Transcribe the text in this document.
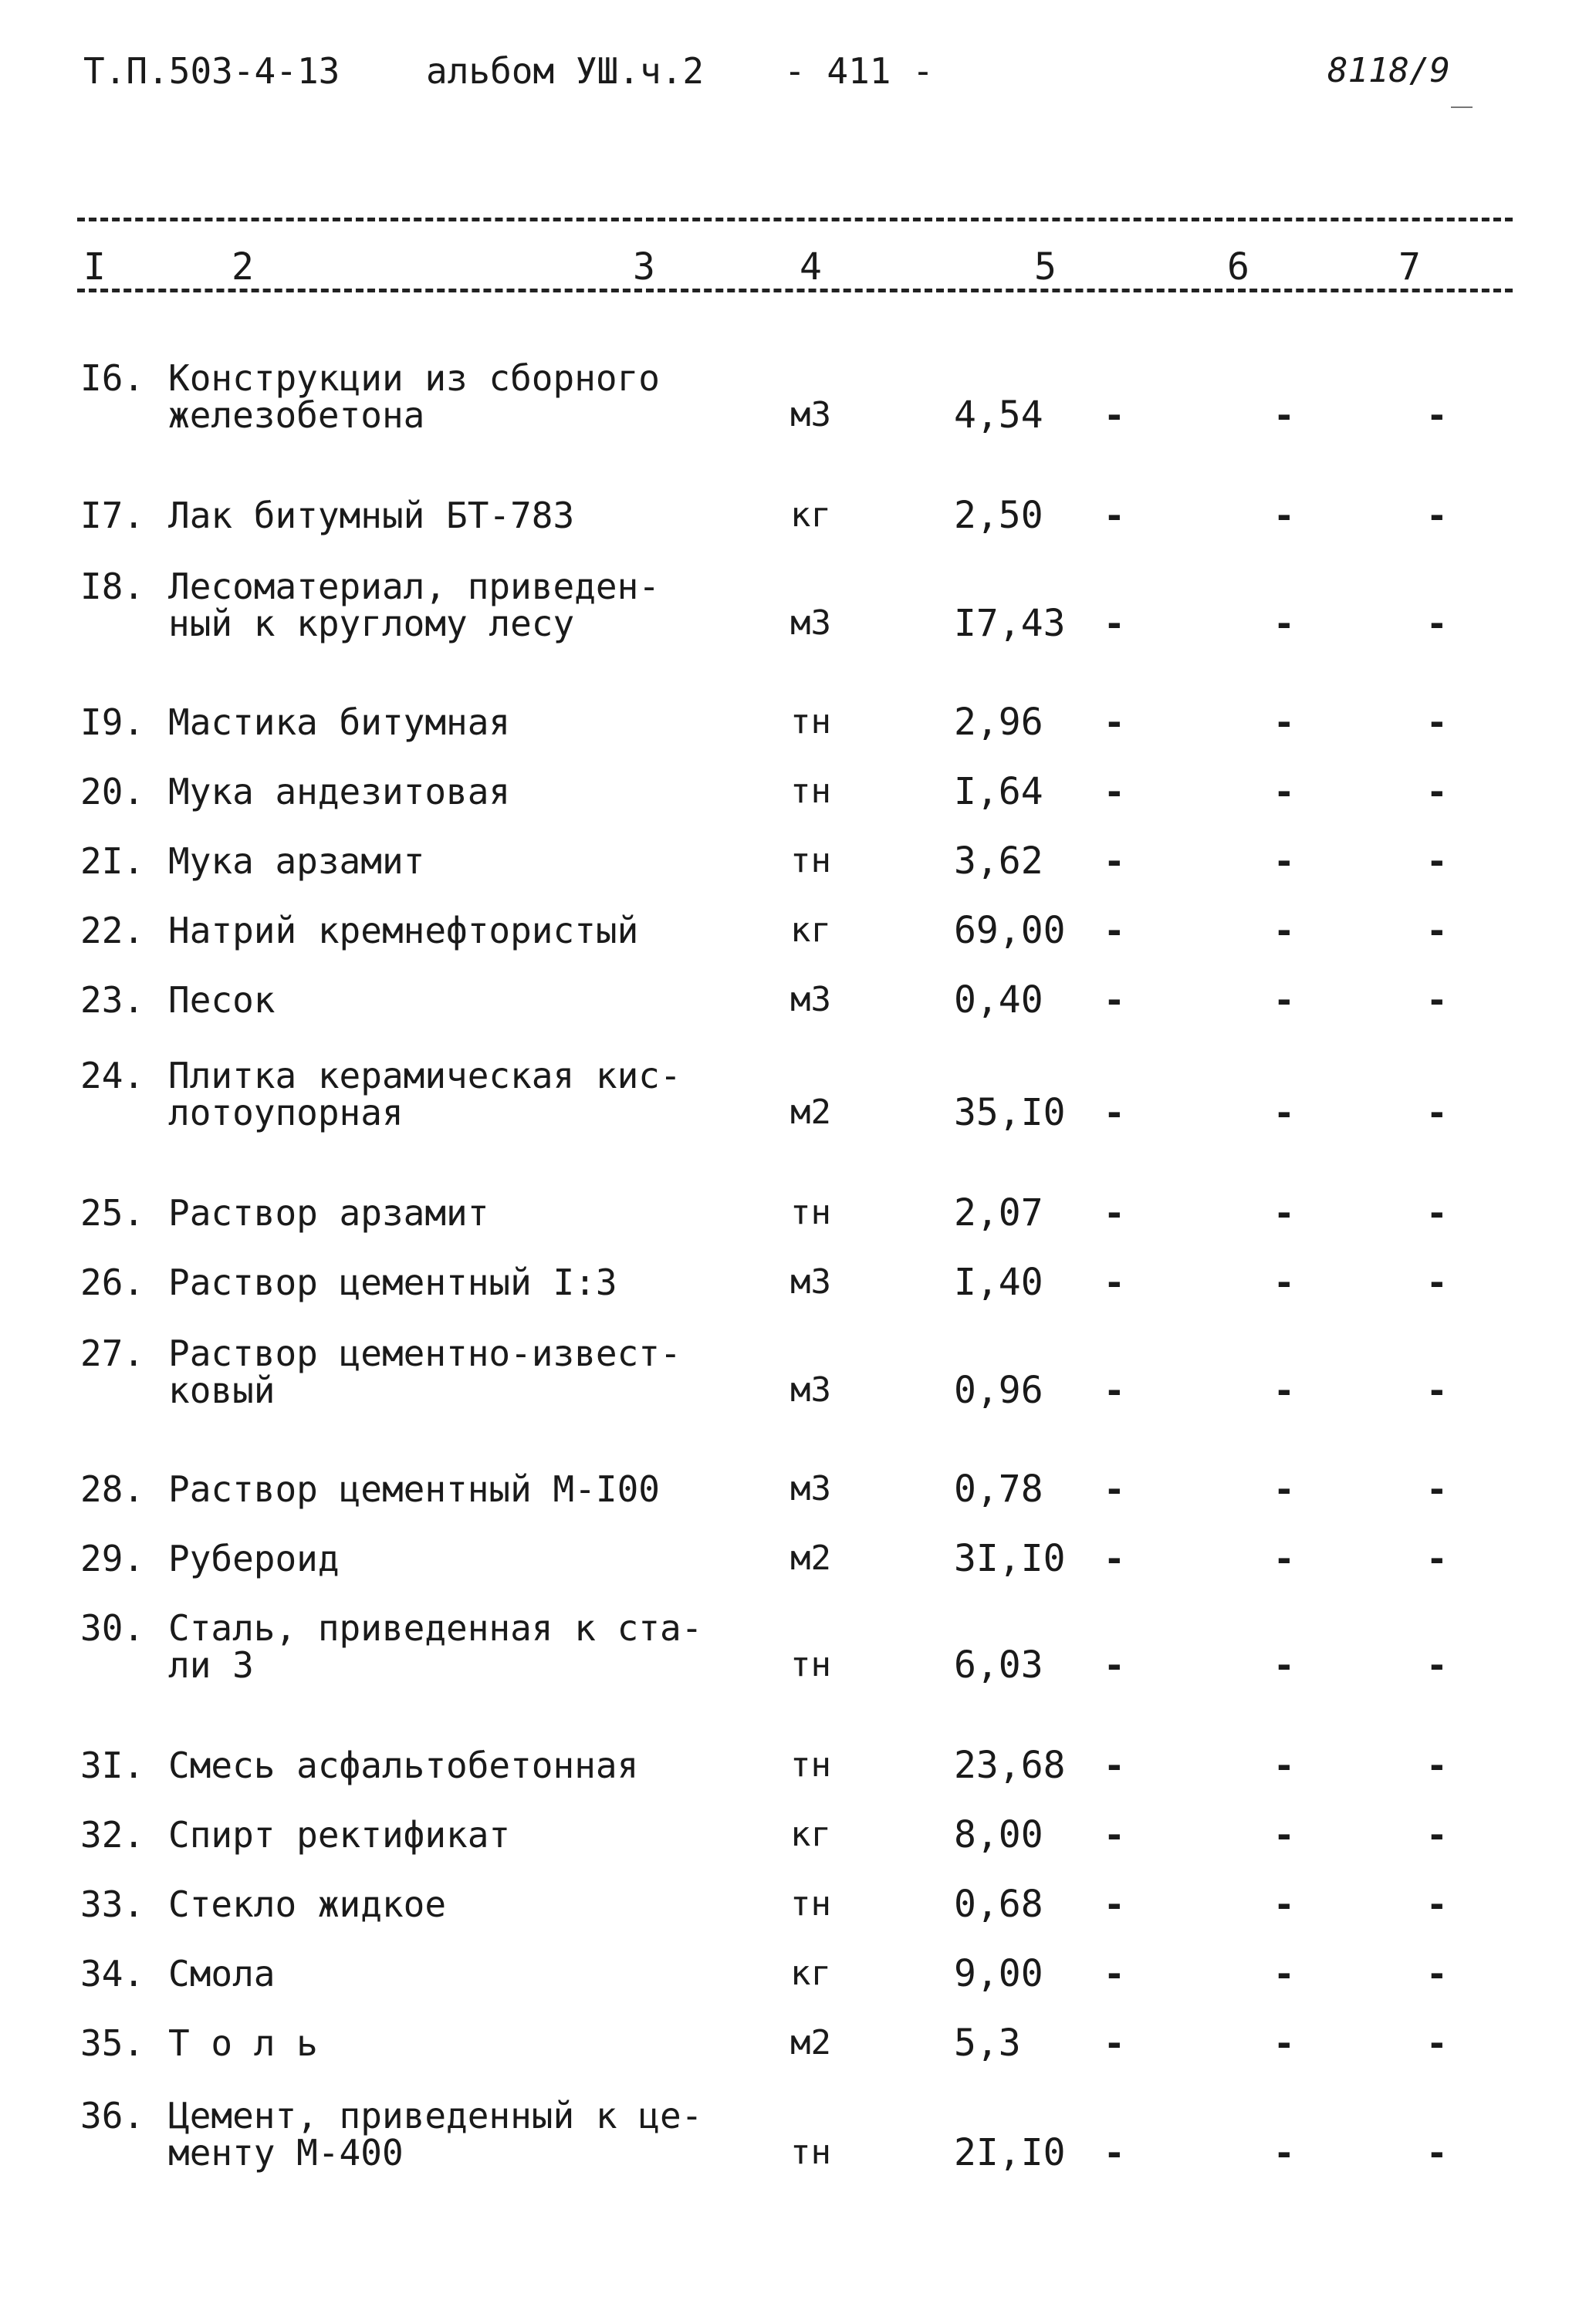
Т.П.503-4-13 альбом УШ.ч.2 - 411 -	8118/9
I	2	3	4	5	6	7
I6. Конструкции из сборного
железобетона	м3	4,54	-	-	-
I7. Лак битумный БТ-783	кг	2,50	-	-	-
I8. Лесоматериал, приведен-
ный к круглому лесу	м3	I7,43	-	-	-
I9. Мастика битумная	тн	2,96	-	-	-
20. Мука андезитовая	тн	I,64	-	-	-
2I. Мука арзамит	тн	3,62	-	-	-
22. Натрий кремнефтористый	кг	69,00	-	-	-
23. Песок	м3	0,40	-	-	-
24. Плитка керамическая кис-
лотоупорная	м2	35,I0	-	-	-
25. Раствор арзамит	тн	2,07	-	-	-
26. Раствор цементный I:3	м3	I,40	-	-	-
27. Раствор цементно-извест-
ковый	м3	0,96	-	-	-
28. Раствор цементный М-I00	м3	0,78	-	-	-
29. Рубероид	м2	3I,I0	-	-	-
30. Сталь, приведенная к ста-
ли 3	тн	6,03	-	-	-
3I. Смесь асфальтобетонная	тн	23,68	-	-	-
32. Спирт ректификат	кг	8,00	-	-	-
33. Стекло жидкое	тн	0,68	-	-	-
34. Смола	кг	9,00	-	-	-
35. Т о л ь	м2	5,3	-	-	-
36. Цемент, приведенный к це-
менту М-400	тн	2I,I0	-	-	-
